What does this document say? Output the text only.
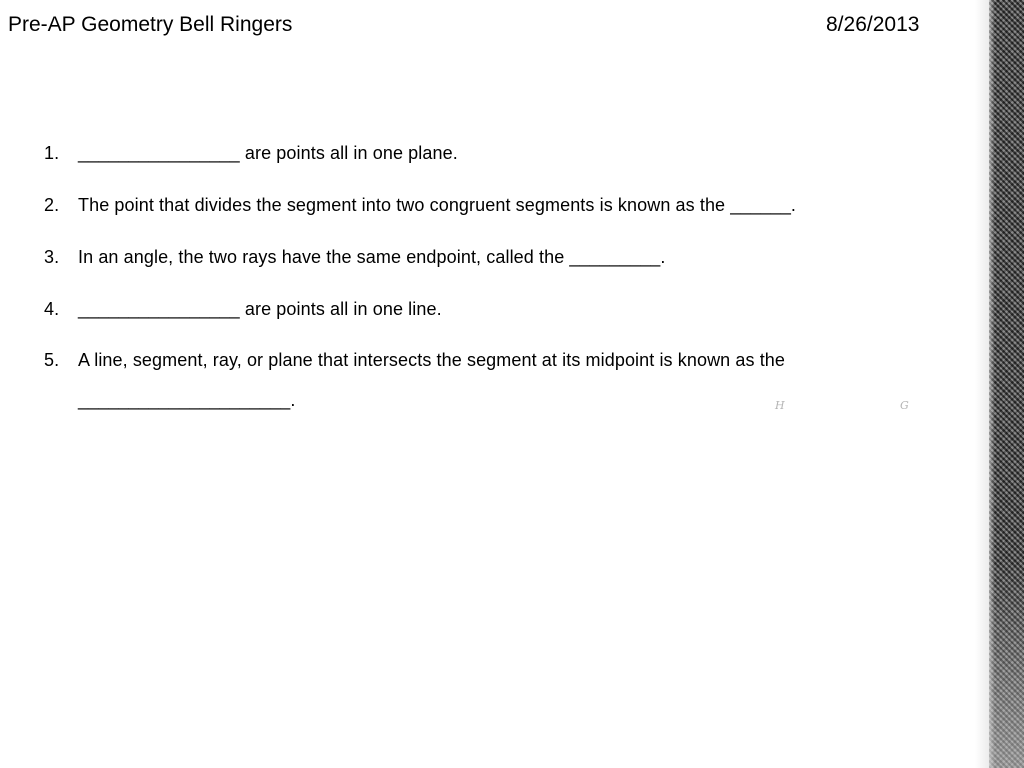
Pre-AP Geometry Bell Ringers	8/26/2013
1. ________________ are points all in one plane.
2. The point that divides the segment into two congruent segments is known as the ______.
3. In an angle, the two rays have the same endpoint, called the _________.
4. ________________ are points all in one line.
5. A line, segment, ray, or plane that intersects the segment at its midpoint is known as the _____________________.	H	G
